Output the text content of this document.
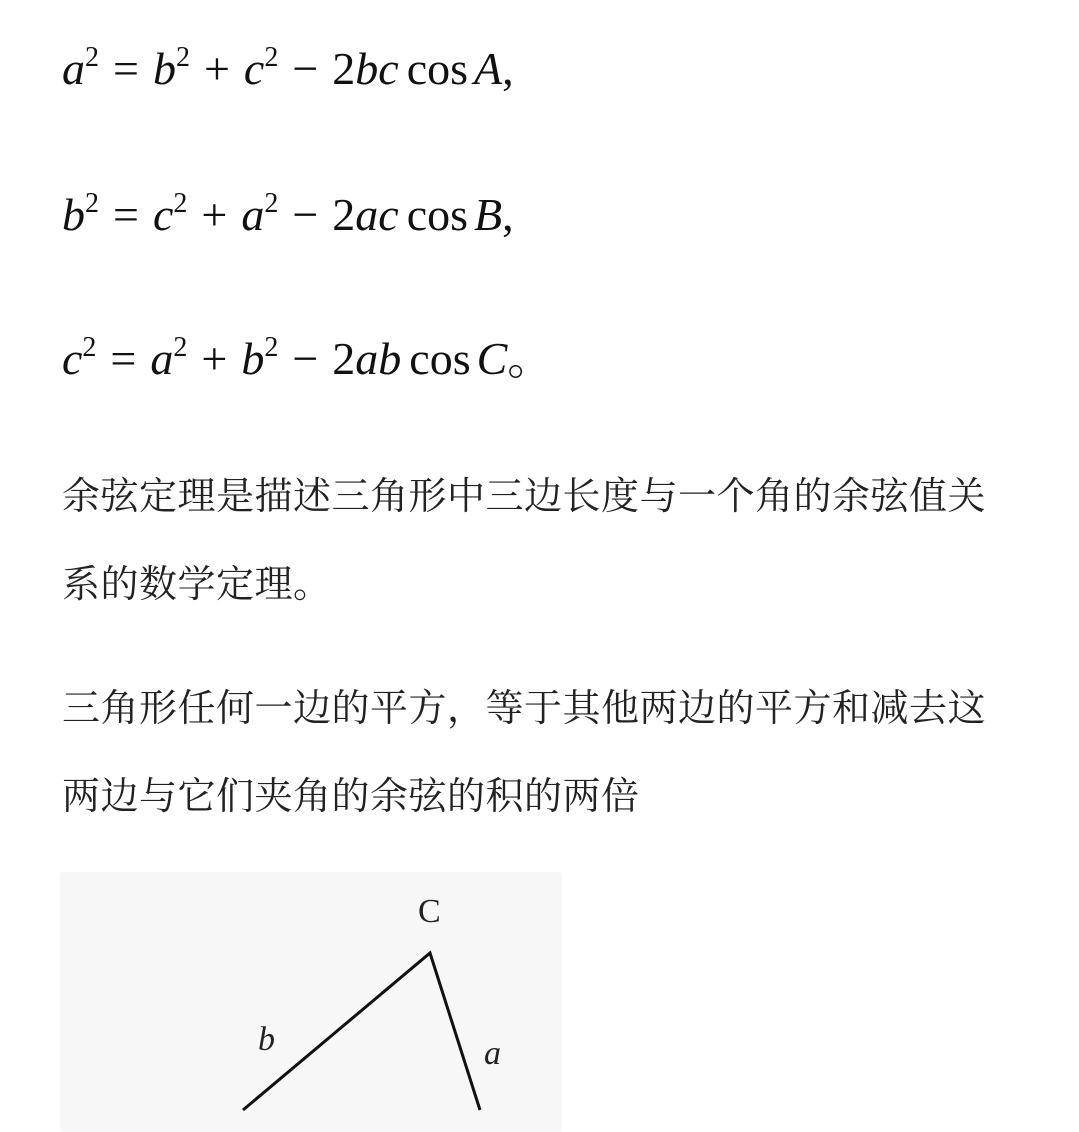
$a^2 = b^2 + c^2 - 2bc$ cos A,
$b^2 = c^2 + a^2 - 2ac$ cos B,
$c^2 = a^2 + b^2 - 2ab$ cos C。

余弦定理是描述三角形中三边长度与一个角的余弦值关系的数学定理。

三角形任何一边的平方，等于其他两边的平方和减去这两边与它们夹角的余弦的积的两倍

C
b	a
